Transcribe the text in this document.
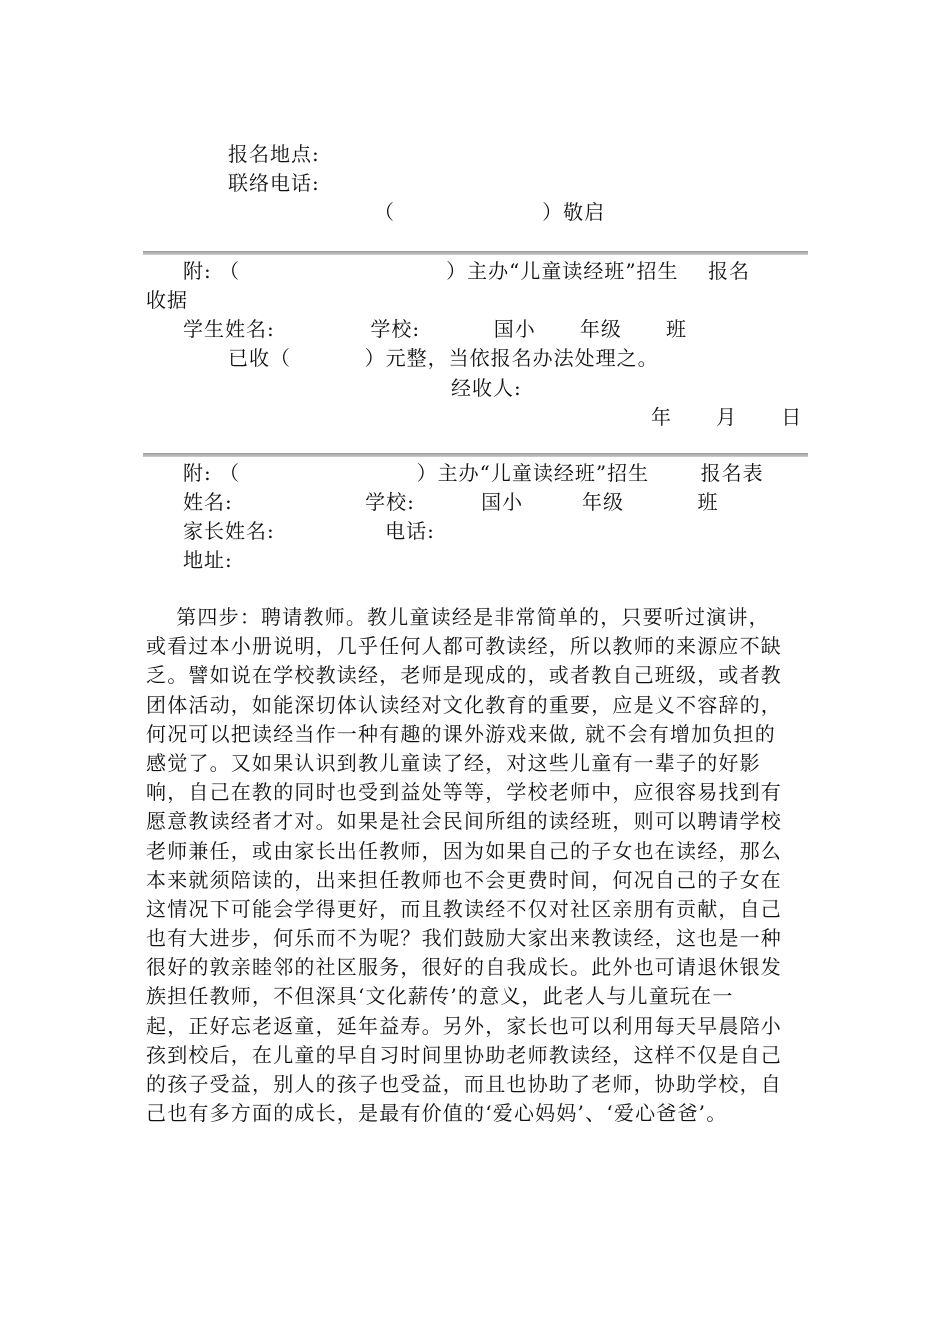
报名地点:
联络电话:
（                    ）敬启
附: （                            ）主办“儿童读经班”招生    报名
收据
学生姓名:             学校:          国小      年级      班
已收（          ）元整，当依报名办法处理之。
经收人:
年      月      日
附: （                        ）主办“儿童读经班”招生       报名表
姓名:                  学校:         国小        年级          班
家长姓名:               电话:
地址:
第四步：聘请教师。教儿童读经是非常简单的，只要听过演讲，
或看过本小册说明，几乎任何人都可教读经，所以教师的来源应不缺
乏。譬如说在学校教读经，老师是现成的，或者教自己班级，或者教
团体活动，如能深切体认读经对文化教育的重要，应是义不容辞的，
何况可以把读经当作一种有趣的课外游戏来做, 就不会有增加负担的
感觉了。又如果认识到教儿童读了经，对这些儿童有一辈子的好影
响，自己在教的同时也受到益处等等，学校老师中，应很容易找到有
愿意教读经者才对。如果是社会民间所组的读经班，则可以聘请学校
老师兼任，或由家长出任教师，因为如果自己的子女也在读经，那么
本来就须陪读的，出来担任教师也不会更费时间，何况自己的子女在
这情况下可能会学得更好，而且教读经不仅对社区亲朋有贡献，自己
也有大进步，何乐而不为呢？我们鼓励大家出来教读经，这也是一种
很好的敦亲睦邻的社区服务，很好的自我成长。此外也可请退休银发
族担任教师，不但深具‘文化薪传’的意义，此老人与儿童玩在一
起，正好忘老返童，延年益寿。另外，家长也可以利用每天早晨陪小
孩到校后，在儿童的早自习时间里协助老师教读经，这样不仅是自己
的孩子受益，别人的孩子也受益，而且也协助了老师，协助学校，自
己也有多方面的成长，是最有价值的‘爱心妈妈’、‘爱心爸爸’。
